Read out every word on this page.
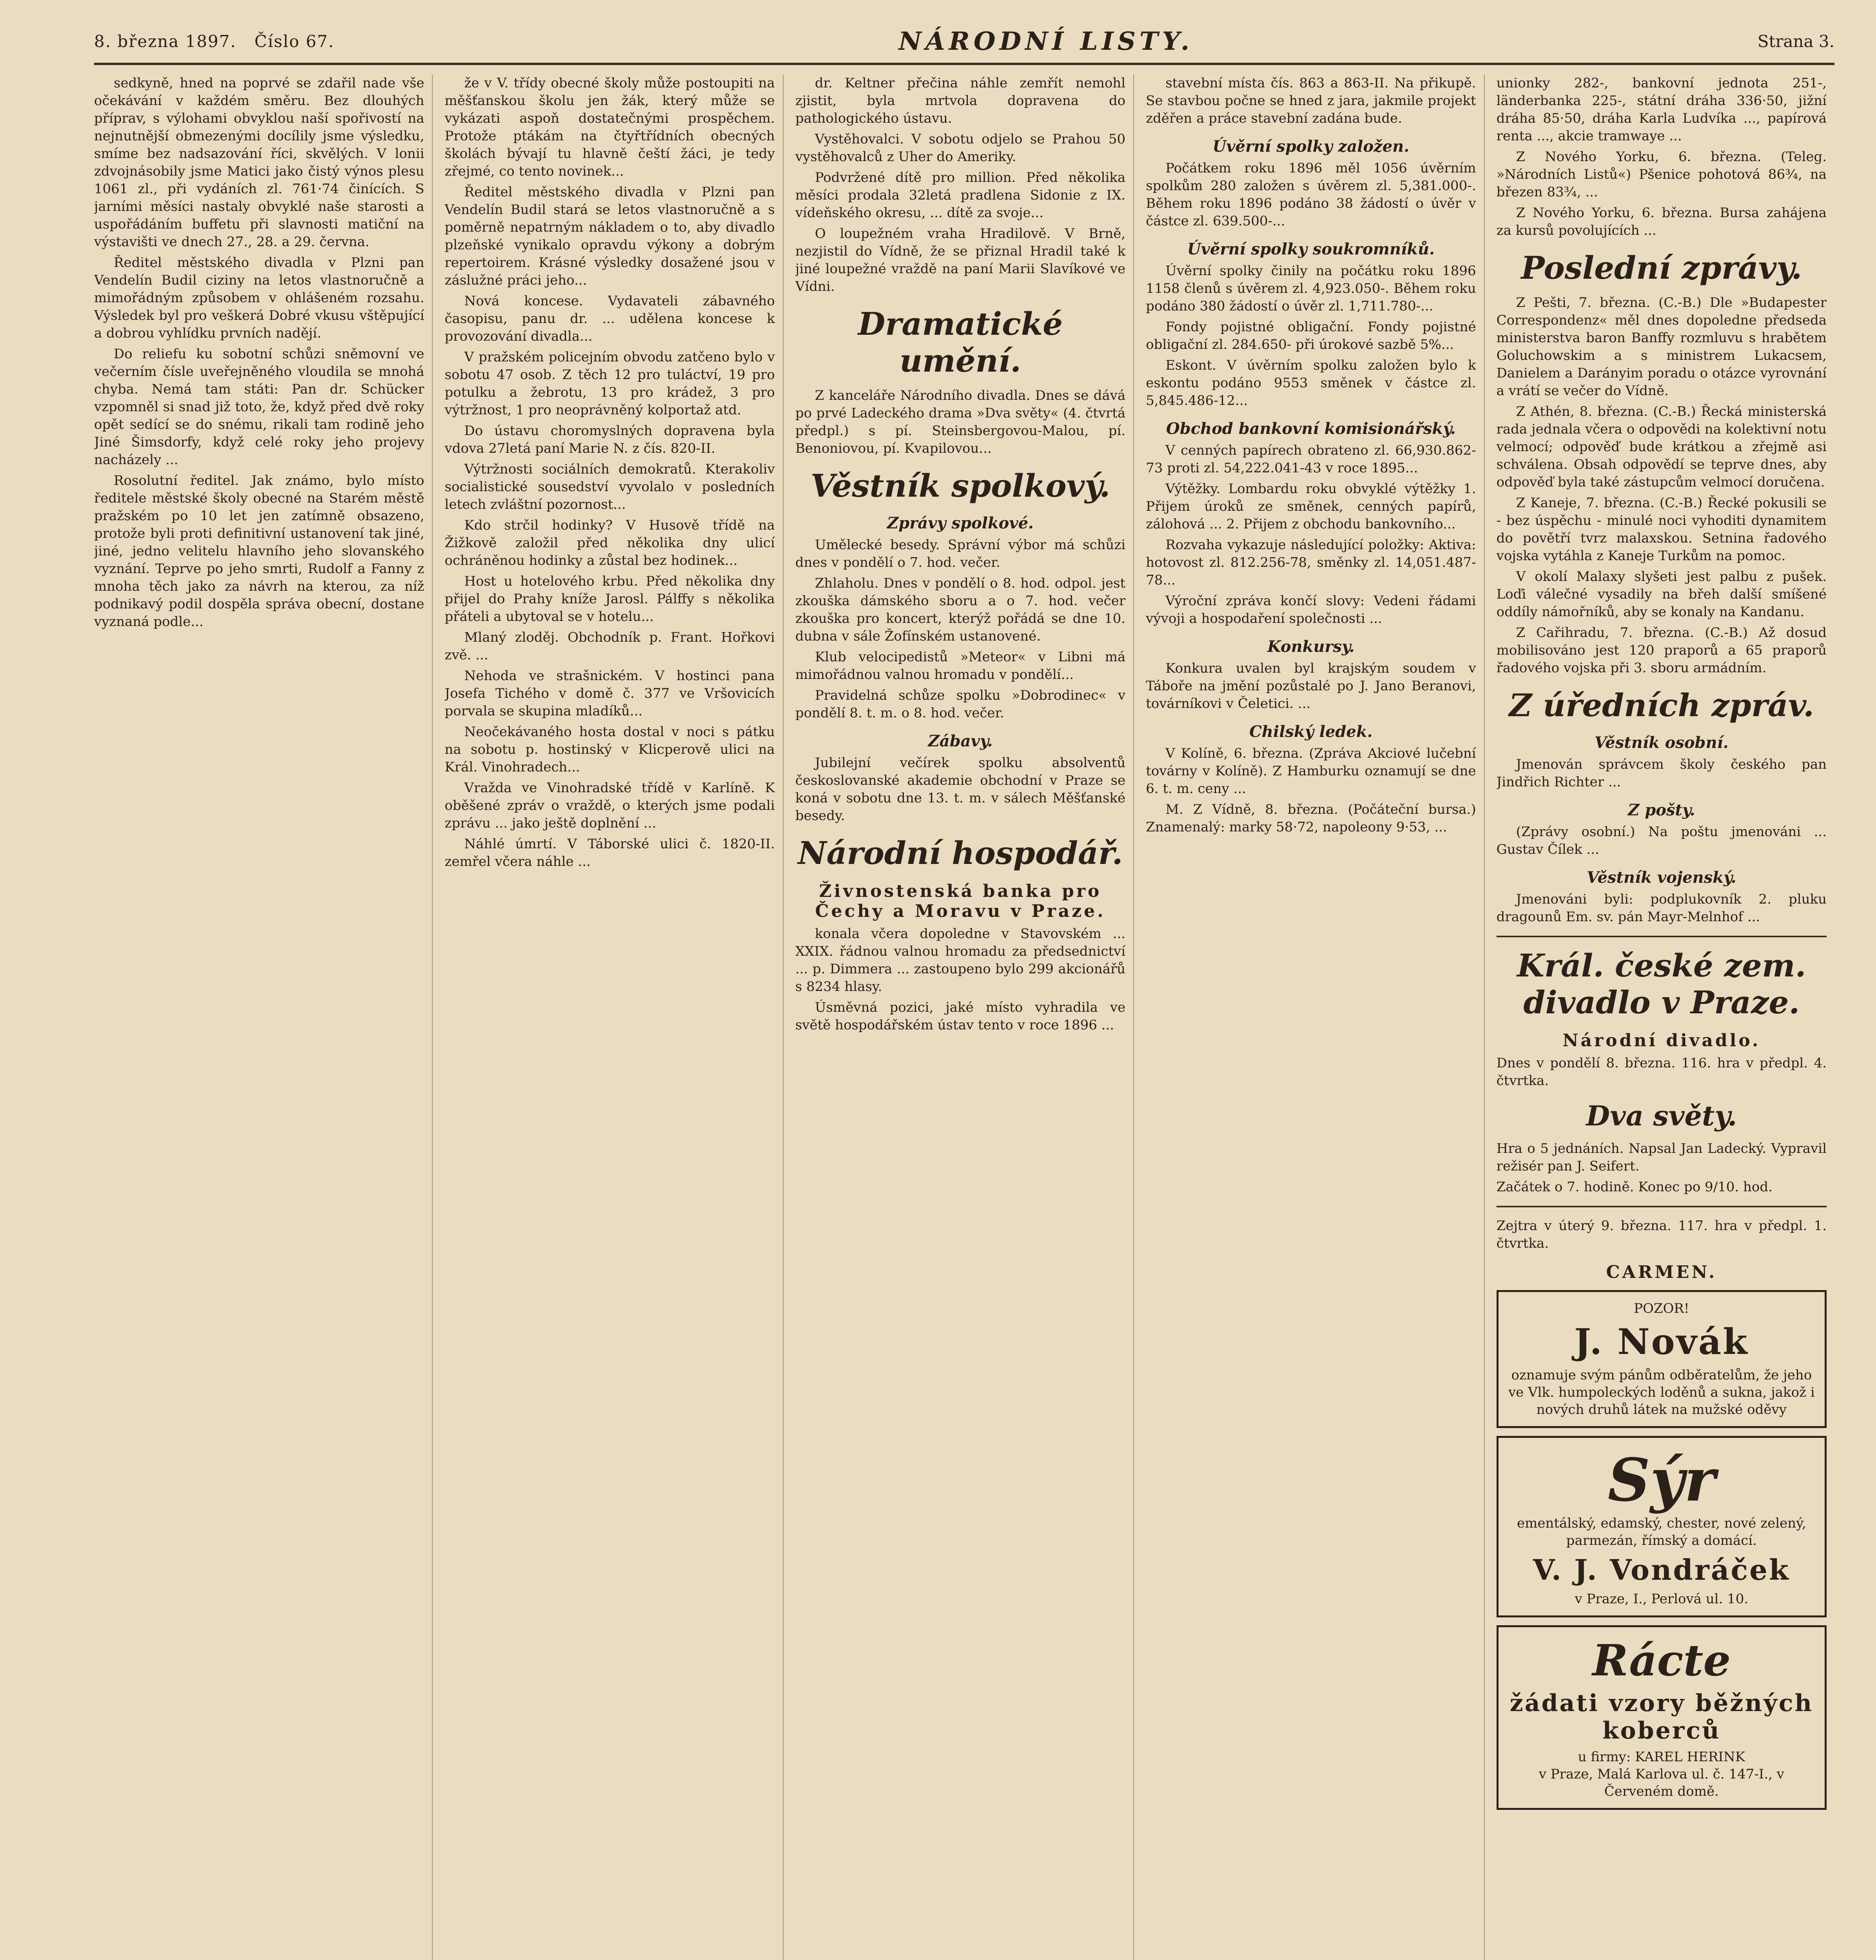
8. března 1897. Číslo 67.	NÁRODNÍ LISTY.	Strana 3.

sedkyně, hned na poprvé se zdařil nade vše očekávání v každém směru. Bez dlouhých příprav, s výlohami obvyklou naší spořivostí na nejnutnější obmezenými docílily jsme výsledku, smíme bez nadsazování říci, skvělých. V lonii zdvojnásobily jsme Matici jako čistý výnos plesu 1061 zl., při vydáních zl. 761·74 činících. S jarními měsíci nastaly obvyklé naše starosti a uspořádáním buffetu při slavnosti matiční na výstavišti ve dnech 27., 28. a 29. června.

Ředitel městského divadla v Plzni pan Vendelín Budil ciziny na letos vlastnoručně a mimořádným způsobem v ohlášeném rozsahu. Výsledek byl pro veškerá Dobré vkusu vštěpující a dobrou vyhlídku prvních nadějí.

Do reliefu ku sobotní schůzi sněmovní ve večerním čísle uveřejněného vloudila se mnohá chyba. Nemá tam státi: Pan dr. Schücker vzpomněl si snad již toto, že, když před dvě roky opět sedící se do snému, rikali tam rodině jeho Jiné Šimsdorfy, když celé roky jeho projevy nacházely ...

Rosolutní ředitel. Jak známo, bylo místo ředitele městské školy obecné na Starém městě pražském po 10 let jen zatímně obsazeno, protože byli proti definitivní ustanovení tak jiné, jiné, jedno velitelu hlavního jeho slovanského vyznání. Teprve po jeho smrti, Rudolf a Fanny z mnoha těch jako za návrh na kterou, za níž podnikavý podil dospěla správa obecní, dostane vyznaná podle...

že v V. třídy obecné školy může postoupiti na měšťanskou školu jen žák, který může se vykázati aspoň dostatečnými prospěchem. Protože ptákám na čtyřtřídních obecných školách bývají tu hlavně čeští žáci, je tedy zřejmé, co tento novinek...

Ředitel městského divadla v Plzni pan Vendelín Budil stará se letos vlastnoručně a s poměrně nepatrným nákladem o to, aby divadlo plzeňské vynikalo opravdu výkony a dobrým repertoirem. Krásné výsledky dosažené jsou v záslužné práci jeho...

Nová koncese. Vydavateli zábavného časopisu, panu dr. ... udělena koncese k provozování divadla...

V pražském policejním obvodu zatčeno bylo v sobotu 47 osob. Z těch 12 pro tuláctví, 19 pro potulku a žebrotu, 13 pro krádež, 3 pro výtržnost, 1 pro neoprávněný kolportaž atd.

Do ústavu choromyslných dopravena byla vdova 27letá paní Marie N. z čís. 820-II.

Výtržnosti sociálních demokratů. Kterakoliv socialistické sousedství vyvolalo v posledních letech zvláštní pozornost...

Kdo strčil hodinky? V Husově třídě na Žižkově založil před několika dny ulicí ochráněnou hodinky a zůstal bez hodinek...

Host u hotelového krbu. Před několika dny přijel do Prahy kníže Jarosl. Pálffy s několika přáteli a ubytoval se v hotelu...

Mlaný zloděj. Obchodník p. Frant. Hořkovi zvě. ...

Nehoda ve strašnickém. V hostinci pana Josefa Tichého v domě č. 377 ve Vršovicích porvala se skupina mladíků...

Neočekávaného hosta dostal v noci s pátku na sobotu p. hostinský v Klicperově ulici na Král. Vinohradech...

Vražda ve Vinohradské třídě v Karlíně. K oběšené zpráv o vraždě, o kterých jsme podali zprávu ... jako ještě doplnění ...

Náhlé úmrtí. V Táborské ulici č. 1820-II. zemřel včera náhle ...

dr. Keltner přečina náhle zemřít nemohl zjistit, byla mrtvola dopravena do pathologického ústavu.

Vystěhovalci. V sobotu odjelo se Prahou 50 vystěhovalců z Uher do Ameriky.

Podvržené dítě pro million. Před několika měsíci prodala 32letá pradlena Sidonie z IX. vídeňského okresu, ... dítě za svoje...

O loupežném vraha Hradilově. V Brně, nezjistil do Vídně, že se přiznal Hradil také k jiné loupežné vraždě na paní Marii Slavíkové ve Vídni.

Dramatické umění.

Z kanceláře Národního divadla. Dnes se dává po prvé Ladeckého drama »Dva světy« (4. čtvrtá předpl.) s pí. Steinsbergovou-Malou, pí. Benoniovou, pí. Kvapilovou...

Věstník spolkový.
Zprávy spolkové.

Umělecké besedy. Správní výbor má schůzi dnes v pondělí o 7. hod. večer.

Zhlaholu. Dnes v pondělí o 8. hod. odpol. jest zkouška dámského sboru a o 7. hod. večer zkouška pro koncert, kterýž pořádá se dne 10. dubna v sále Žofínském ustanovené.

Klub velocipedistů »Meteor« v Libni má mimořádnou valnou hromadu v pondělí...

Pravidelná schůze spolku »Dobrodinec« v pondělí 8. t. m. o 8. hod. večer.

Zábavy.

Jubilejní večírek spolku absolventů českoslovanské akademie obchodní v Praze se koná v sobotu dne 13. t. m. v sálech Měšťanské besedy.

Národní hospodář.
Živnostenská banka pro Čechy a Moravu v Praze.

konala včera dopoledne v Stavovském ... XXIX. řádnou valnou hromadu za předsednictví ... p. Dimmera ... zastoupeno bylo 299 akcionářů s 8234 hlasy.

Úsměvná pozici, jaké místo vyhradila ve světě hospodářském ústav tento v roce 1896 ...

stavební místa čís. 863 a 863-II. Na přikupě. Se stavbou počne se hned z jara, jakmile projekt zděřen a práce stavební zadána bude.

Úvěrní spolky založen.

Počátkem roku 1896 měl 1056 úvěrním spolkům 280 založen s úvěrem zl. 5,381.000-. Během roku 1896 podáno 38 žádostí o úvěr v částce zl. 639.500-...

Úvěrní spolky soukromníků.

Úvěrní spolky činily na počátku roku 1896 1158 členů s úvěrem zl. 4,923.050-. Během roku podáno 380 žádostí o úvěr zl. 1,711.780-...

Fondy pojistné obligační. Fondy pojistné obligační zl. 284.650- při úrokové sazbě 5%...

Eskont. V úvěrním spolku založen bylo k eskontu podáno 9553 směnek v částce zl. 5,845.486-12...

Obchod bankovní komisionářský.

V cenných papírech obrateno zl. 66,930.862-73 proti zl. 54,222.041-43 v roce 1895...

Výtěžky. Lombardu roku obvyklé výtěžky 1. Přijem úroků ze směnek, cenných papírů, zálohová ... 2. Přijem z obchodu bankovního...

Rozvaha vykazuje následující položky: Aktiva: hotovost zl. 812.256-78, směnky zl. 14,051.487-78...

Výroční zpráva končí slovy: Vedeni řádami vývoji a hospodaření společnosti ...

Konkursy.

Konkura uvalen byl krajským soudem v Táboře na jmění pozůstalé po J. Jano Beranovi, továrníkovi v Čeletici. ...

Chilský ledek.

V Kolíně, 6. března. (Zpráva Akciové lučební továrny v Kolíně). Z Hamburku oznamují se dne 6. t. m. ceny ...

M. Z Vídně, 8. března. (Počáteční bursa.) Znamenalý: marky 58·72, napoleony 9·53, ...

unionky 282-, bankovní jednota 251-, länderbanka 225-, státní dráha 336·50, jižní dráha 85·50, dráha Karla Ludvíka ..., papírová renta ..., akcie tramwaye ...

Z Nového Yorku, 6. března. (Teleg. »Národních Listů«) Pšenice pohotová 86¾, na březen 83¾, ...

Z Nového Yorku, 6. března. Bursa zahájena za kursů povolujících ...

Poslední zprávy.

Z Pešti, 7. března. (C.-B.) Dle »Budapester Correspondenz« měl dnes dopoledne předseda ministerstva baron Banffy rozmluvu s hrabětem Goluchowskim a s ministrem Lukacsem, Danielem a Darányim poradu o otázce vyrovnání a vrátí se večer do Vídně.

Z Athén, 8. března. (C.-B.) Řecká ministerská rada jednala včera o odpovědi na kolektivní notu velmocí; odpověď bude krátkou a zřejmě asi schválena. Obsah odpovědí se teprve dnes, aby odpověď byla také zástupcům velmocí doručena.

Z Kaneje, 7. března. (C.-B.) Řecké pokusili se - bez úspěchu - minulé noci vyhoditi dynamitem do povětří tvrz malaxskou. Setnina řadového vojska vytáhla z Kaneje Turkům na pomoc.

V okolí Malaxy slyšeti jest palbu z pušek. Loďi válečné vysadily na břeh další smíšené oddíly námořníků, aby se konaly na Kandanu.

Z Cařihradu, 7. března. (C.-B.) Až dosud mobilisováno jest 120 praporů a 65 praporů řadového vojska při 3. sboru armádním.

Z úředních zpráv.
Věstník osobní.

Jmenován správcem školy českého pan Jindřich Richter ...

Z pošty.

(Zprávy osobní.) Na poštu jmenováni ... Gustav Čílek ...

Věstník vojenský.

Jmenováni byli: podplukovník 2. pluku dragounů Em. sv. pán Mayr-Melnhof ...

Král. české zem. divadlo v Praze.
Národní divadlo.

Dnes v pondělí 8. března. 116. hra v předpl. 4. čtvrtka.

Dva světy.

Hra o 5 jednáních. Napsal Jan Ladecký. Vypravil režisér pan J. Seifert.

Začátek o 7. hodině. Konec po 9/10. hod.

Zejtra v úterý 9. března. 117. hra v předpl. 1. čtvrtka.

CARMEN.
POZOR!
J. Novák
oznamuje svým pánům odběratelům, že jeho ve Vlk. humpoleckých loděnů a sukna, jakož i nových druhů látek na mužské oděvy
Sýr
ementálský, edamský, chester, nové zelený, parmezán, římský a domácí.
V. J. Vondráček
v Praze, I., Perlová ul. 10.
Rácte
žádati vzory běžných koberců
u firmy: KAREL HERINK
v Praze, Malá Karlova ul. č. 147-I., v Červeném domě.
